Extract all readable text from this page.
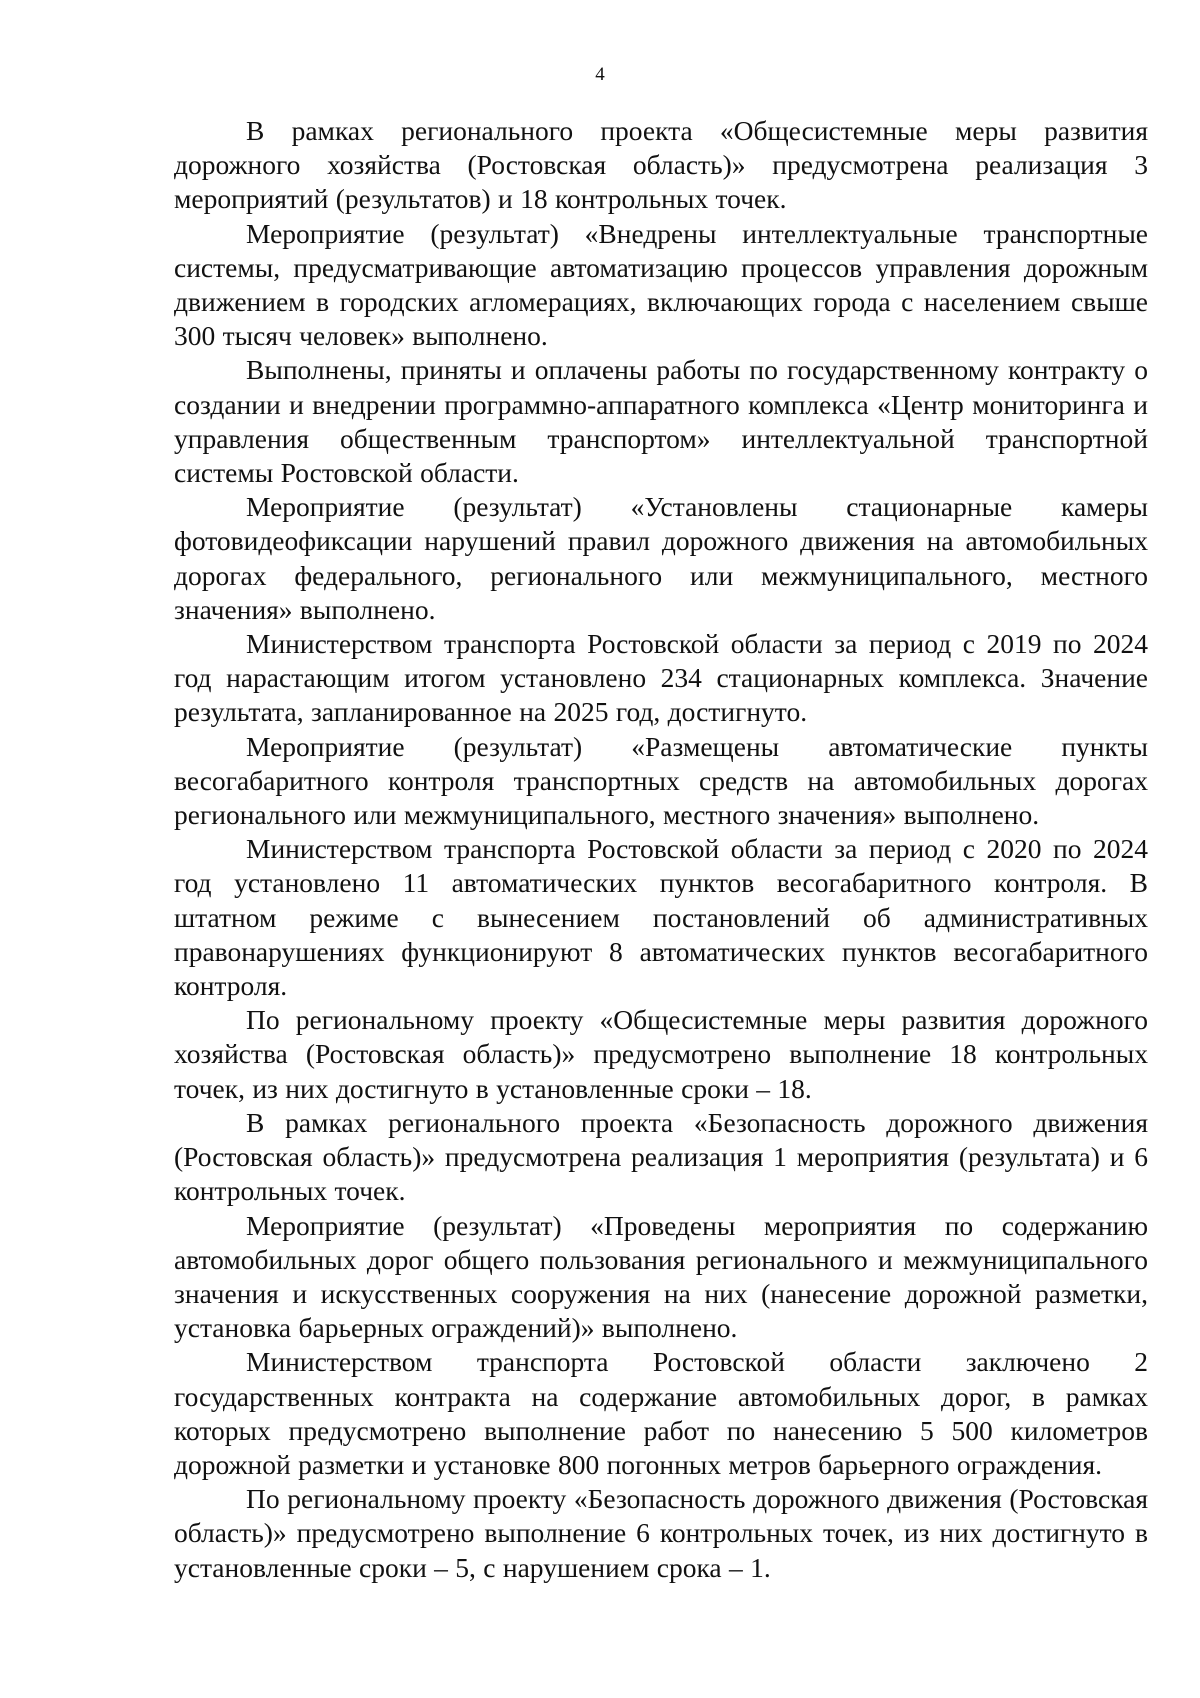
4

В рамках регионального проекта «Общесистемные меры развития дорожного хозяйства (Ростовская область)» предусмотрена реализация 3 мероприятий (результатов) и 18 контрольных точек.

Мероприятие (результат) «Внедрены интеллектуальные транспортные системы, предусматривающие автоматизацию процессов управления дорожным движением в городских агломерациях, включающих города с населением свыше 300 тысяч человек» выполнено.

Выполнены, приняты и оплачены работы по государственному контракту о создании и внедрении программно-аппаратного комплекса «Центр мониторинга и управления общественным транспортом» интеллектуальной транспортной системы Ростовской области.

Мероприятие (результат) «Установлены стационарные камеры фотовидеофиксации нарушений правил дорожного движения на автомобильных дорогах федерального, регионального или межмуниципального, местного значения» выполнено.

Министерством транспорта Ростовской области за период с 2019 по 2024 год нарастающим итогом установлено 234 стационарных комплекса. Значение результата, запланированное на 2025 год, достигнуто.

Мероприятие (результат) «Размещены автоматические пункты весогабаритного контроля транспортных средств на автомобильных дорогах регионального или межмуниципального, местного значения» выполнено.

Министерством транспорта Ростовской области за период с 2020 по 2024 год установлено 11 автоматических пунктов весогабаритного контроля. В штатном режиме с вынесением постановлений об административных правонарушениях функционируют 8 автоматических пунктов весогабаритного контроля.

По региональному проекту «Общесистемные меры развития дорожного хозяйства (Ростовская область)» предусмотрено выполнение 18 контрольных точек, из них достигнуто в установленные сроки – 18.

В рамках регионального проекта «Безопасность дорожного движения (Ростовская область)» предусмотрена реализация 1 мероприятия (результата) и 6 контрольных точек.

Мероприятие (результат) «Проведены мероприятия по содержанию автомобильных дорог общего пользования регионального и межмуниципального значения и искусственных сооружения на них (нанесение дорожной разметки, установка барьерных ограждений)» выполнено.

Министерством транспорта Ростовской области заключено 2 государственных контракта на содержание автомобильных дорог, в рамках которых предусмотрено выполнение работ по нанесению 5 500 километров дорожной разметки и установке 800 погонных метров барьерного ограждения.

По региональному проекту «Безопасность дорожного движения (Ростовская область)» предусмотрено выполнение 6 контрольных точек, из них достигнуто в установленные сроки – 5, с нарушением срока – 1.
